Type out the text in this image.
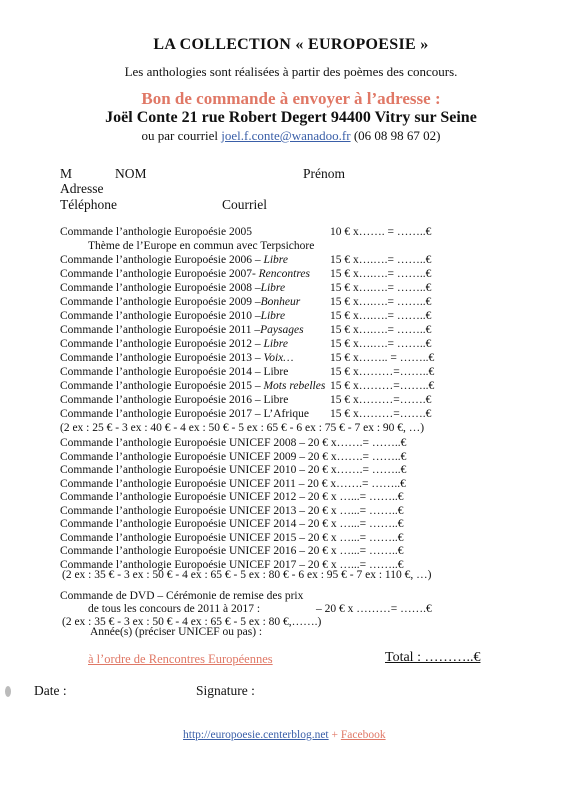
LA COLLECTION « EUROPOESIE »
Les anthologies sont réalisées à partir des poèmes des concours.
Bon de commande à envoyer à l’adresse :
Joël Conte 21 rue Robert Degert 94400 Vitry sur Seine
ou par courriel joel.f.conte@wanadoo.fr (06 08 98 67 02)
M	NOM	Prénom
Adresse
Téléphone	Courriel
Commande l’anthologie Europoésie 2005	10 € x……. = ……..€
Thème de l’Europe en commun avec Terpsichore
Commande l’anthologie Europoésie 2006 – Libre	15 € x….….= ……..€
Commande l’anthologie Europoésie 2007- Rencontres 15 € x….….= ……..€
Commande l’anthologie Europoésie 2008 –Libre	15 € x….….= ……..€
Commande l’anthologie Europoésie 2009 –Bonheur	15 € x….….= ……..€
Commande l’anthologie Europoésie 2010 –Libre	15 € x….….= ……..€
Commande l’anthologie Europoésie 2011 –Paysages 15 € x….….= ……..€
Commande l’anthologie Europoésie 2012 – Libre	15 € x….….= ……..€
Commande l’anthologie Europoésie 2013 – Voix…	15 € x…….. = ……..€
Commande l’anthologie Europoésie 2014 – Libre	15 € x………=……..€
Commande l’anthologie Europoésie 2015 – Mots rebelles 15 € x………=……..€
Commande l’anthologie Europoésie 2016 – Libre	15 € x………=…….€
Commande l’anthologie Europoésie 2017 – L’Afrique 15 € x………=…….€
(2 ex : 25 € - 3 ex : 40 € - 4 ex : 50 € - 5 ex : 65 € - 6 ex : 75 € - 7 ex : 90 €, …)
Commande l’anthologie Europoésie UNICEF 2008 – 20 € x…….= ……..€
Commande l’anthologie Europoésie UNICEF 2009 – 20 € x…….= ……..€
Commande l’anthologie Europoésie UNICEF 2010 – 20 € x…….= ……..€
Commande l’anthologie Europoésie UNICEF 2011 – 20 € x…….= ……..€
Commande l’anthologie Europoésie UNICEF 2012 – 20 € x …...= ……..€
Commande l’anthologie Europoésie UNICEF 2013 – 20 € x …...= ……..€
Commande l’anthologie Europoésie UNICEF 2014 – 20 € x …...= ……..€
Commande l’anthologie Europoésie UNICEF 2015 – 20 € x …...= ……..€
Commande l’anthologie Europoésie UNICEF 2016 – 20 € x …...= ……..€
Commande l’anthologie Europoésie UNICEF 2017 – 20 € x …...= ……..€
(2 ex : 35 € - 3 ex : 50 € - 4 ex : 65 € - 5 ex : 80 € - 6 ex : 95 € - 7 ex : 110 €, …)
Commande de DVD – Cérémonie de remise des prix
de tous les concours de 2011 à 2017 :	– 20 € x ………= …….€
(2 ex : 35 € - 3 ex : 50 € - 4 ex : 65 € - 5 ex : 80 €,…….)
Année(s) (préciser UNICEF ou pas) :
à l’ordre de Rencontres Européennes	Total : ………..€
Date :	Signature :
http://europoesie.centerblog.net + Facebook
